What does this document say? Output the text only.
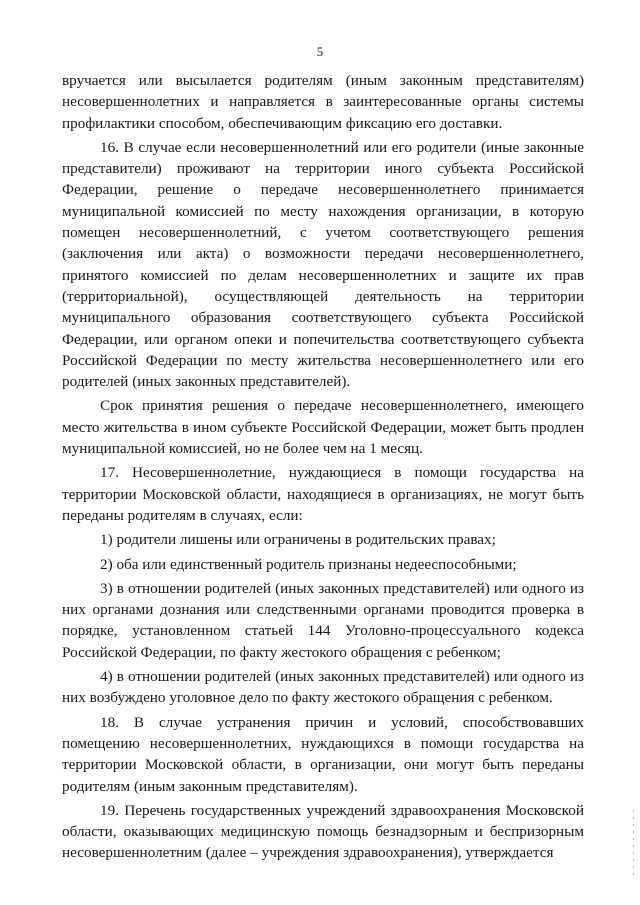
5

вручается или высылается родителям (иным законным представителям) несовершеннолетних и направляется в заинтересованные органы системы профилактики способом, обеспечивающим фиксацию его доставки.

16. В случае если несовершеннолетний или его родители (иные законные представители) проживают на территории иного субъекта Российской Федерации, решение о передаче несовершеннолетнего принимается муниципальной комиссией по месту нахождения организации, в которую помещен несовершеннолетний, с учетом соответствующего решения (заключения или акта) о возможности передачи несовершеннолетнего, принятого комиссией по делам несовершеннолетних и защите их прав (территориальной), осуществляющей деятельность на территории муниципального образования соответствующего субъекта Российской Федерации, или органом опеки и попечительства соответствующего субъекта Российской Федерации по месту жительства несовершеннолетнего или его родителей (иных законных представителей).

Срок принятия решения о передаче несовершеннолетнего, имеющего место жительства в ином субъекте Российской Федерации, может быть продлен муниципальной комиссией, но не более чем на 1 месяц.

17. Несовершеннолетние, нуждающиеся в помощи государства на территории Московской области, находящиеся в организациях, не могут быть переданы родителям в случаях, если:

1) родители лишены или ограничены в родительских правах;

2) оба или единственный родитель признаны недееспособными;

3) в отношении родителей (иных законных представителей) или одного из них органами дознания или следственными органами проводится проверка в порядке, установленном статьей 144 Уголовно-процессуального кодекса Российской Федерации, по факту жестокого обращения с ребенком;

4) в отношении родителей (иных законных представителей) или одного из них возбуждено уголовное дело по факту жестокого обращения с ребенком.

18. В случае устранения причин и условий, способствовавших помещению несовершеннолетних, нуждающихся в помощи государства на территории Московской области, в организации, они могут быть переданы родителям (иным законным представителям).

19. Перечень государственных учреждений здравоохранения Московской области, оказывающих медицинскую помощь безнадзорным и беспризорным несовершеннолетним (далее – учреждения здравоохранения), утверждается
